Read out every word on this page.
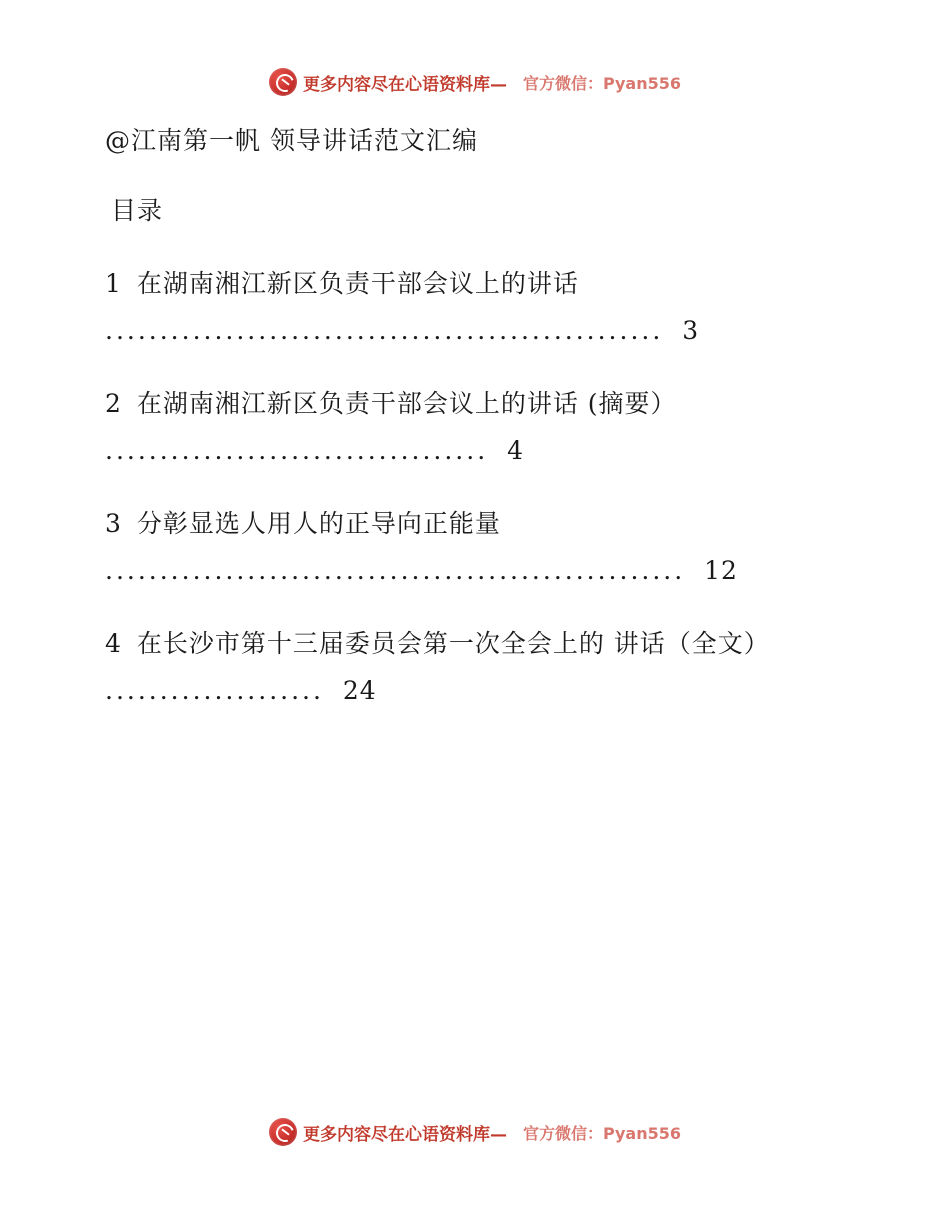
更多内容尽在心语资料库— 官方微信：Pyan556
@江南第一帆 领导讲话范文汇编
目录
1 在湖南湘江新区负责干部会议上的讲话 ................................................... 3
2 在湖南湘江新区负责干部会议上的讲话 (摘要） ................................... 4
3 分彰显选人用人的正导向正能量 ..................................................... 12
4 在长沙市第十三届委员会第一次全会上的 讲话（全文） .................... 24
更多内容尽在心语资料库— 官方微信：Pyan556
